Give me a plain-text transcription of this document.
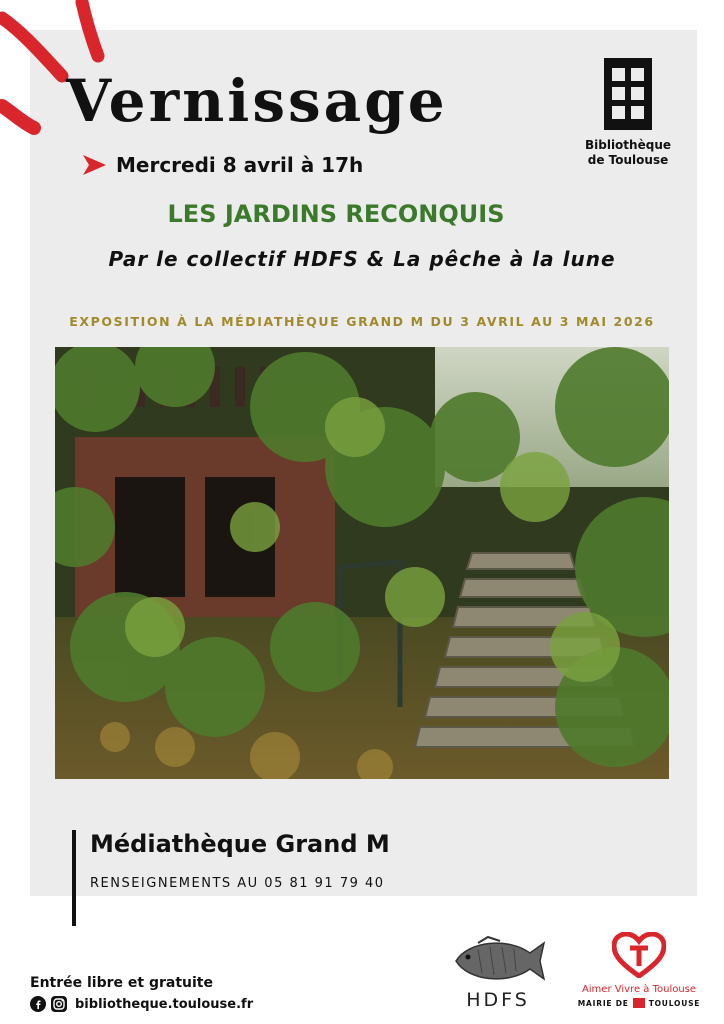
Vernissage
Mercredi 8 avril à 17h
Bibliothèque
de Toulouse
LES JARDINS RECONQUIS
Par le collectif HDFS & La pêche à la lune
EXPOSITION À LA MÉDIATHÈQUE GRAND M DU 3 AVRIL AU 3 MAI 2026
Médiathèque Grand M
RENSEIGNEMENTS AU 05 81 91 79 40
Entrée libre et gratuite
bibliotheque.toulouse.fr	HDFS	Aimer Vivre à Toulouse
MAIRIE DE	TOULOUSE
